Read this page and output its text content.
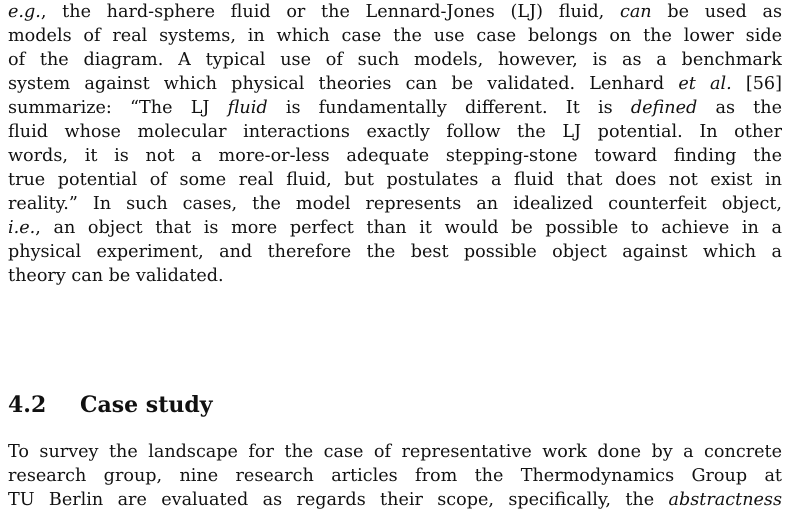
e.g., the hard-sphere fluid or the Lennard-Jones (LJ) fluid, can be used as
models of real systems, in which case the use case belongs on the lower side
of the diagram. A typical use of such models, however, is as a benchmark
system against which physical theories can be validated. Lenhard et al. [56]
summarize: “The LJ fluid is fundamentally different. It is defined as the
fluid whose molecular interactions exactly follow the LJ potential. In other
words, it is not a more-or-less adequate stepping-stone toward finding the
true potential of some real fluid, but postulates a fluid that does not exist in
reality.” In such cases, the model represents an idealized counterfeit object,
i.e., an object that is more perfect than it would be possible to achieve in a
physical experiment, and therefore the best possible object against which a
theory can be validated.
4.2 Case study
To survey the landscape for the case of representative work done by a concrete
research group, nine research articles from the Thermodynamics Group at
TU Berlin are evaluated as regards their scope, specifically, the abstractness
